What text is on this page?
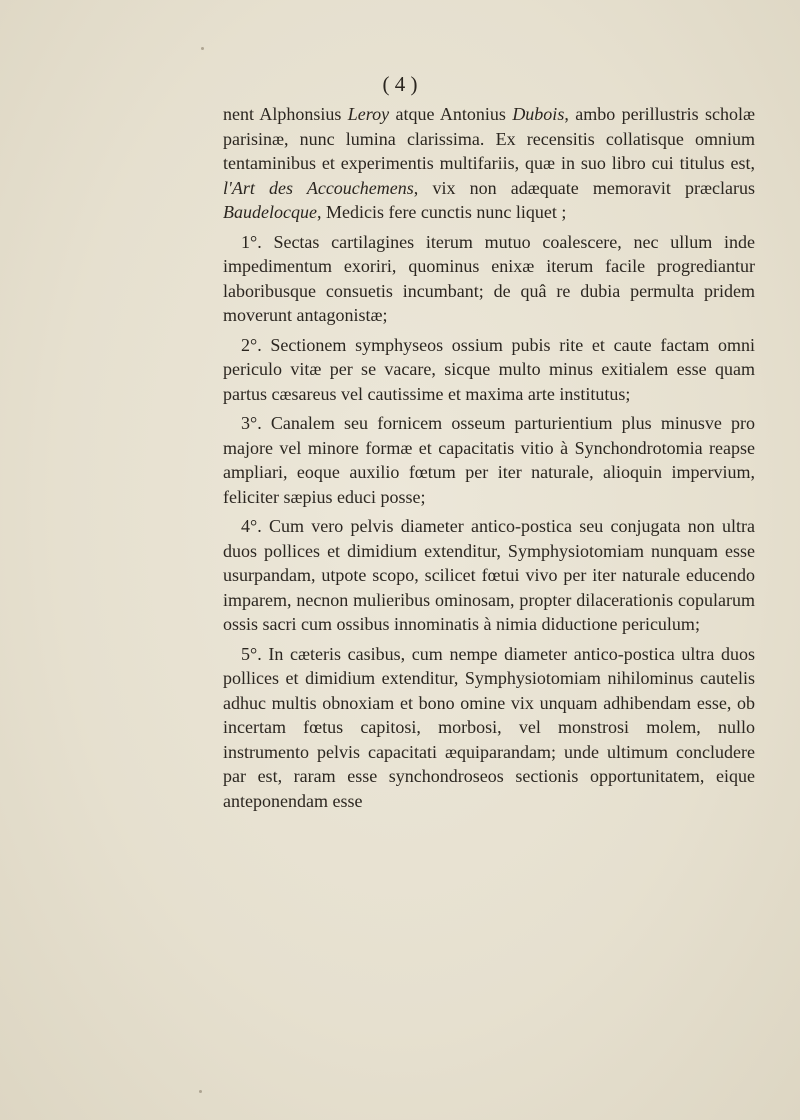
( 4 )

nent Alphonsius Leroy atque Antonius Dubois, ambo perillustris scholæ parisinæ, nunc lumina clarissima. Ex recensitis collatisque omnium tentaminibus et experimentis multifariis, quæ in suo libro cui titulus est, l'Art des Accouchemens, vix non adæquate memoravit præclarus Baudelocque, Medicis fere cunctis nunc liquet ;

1°. Sectas cartilagines iterum mutuo coalescere, nec ullum inde impedimentum exoriri, quominus enixæ iterum facile progrediantur laboribusque consuetis incumbant; de quâ re dubia permulta pridem moverunt antagonistæ;

2°. Sectionem symphyseos ossium pubis rite et caute factam omni periculo vitæ per se vacare, sicque multo minus exitialem esse quam partus cæsareus vel cautissime et maxima arte institutus;

3°. Canalem seu fornicem osseum parturientium plus minusve pro majore vel minore formæ et capacitatis vitio à Synchondrotomia reapse ampliari, eoque auxilio fœtum per iter naturale, alioquin impervium, feliciter sæpius educi posse;

4°. Cum vero pelvis diameter antico-postica seu conjugata non ultra duos pollices et dimidium extenditur, Symphysiotomiam nunquam esse usurpandam, utpote scopo, scilicet fœtui vivo per iter naturale educendo imparem, necnon mulieribus ominosam, propter dilacerationis copularum ossis sacri cum ossibus innominatis à nimia diductione periculum;

5°. In cæteris casibus, cum nempe diameter antico-postica ultra duos pollices et dimidium extenditur, Symphysiotomiam nihilominus cautelis adhuc multis obnoxiam et bono omine vix unquam adhibendam esse, ob incertam fœtus capitosi, morbosi, vel monstrosi molem, nullo instrumento pelvis capacitati æquiparandam; unde ultimum concludere par est, raram esse synchondroseos sectionis opportunitatem, eique anteponendam esse
